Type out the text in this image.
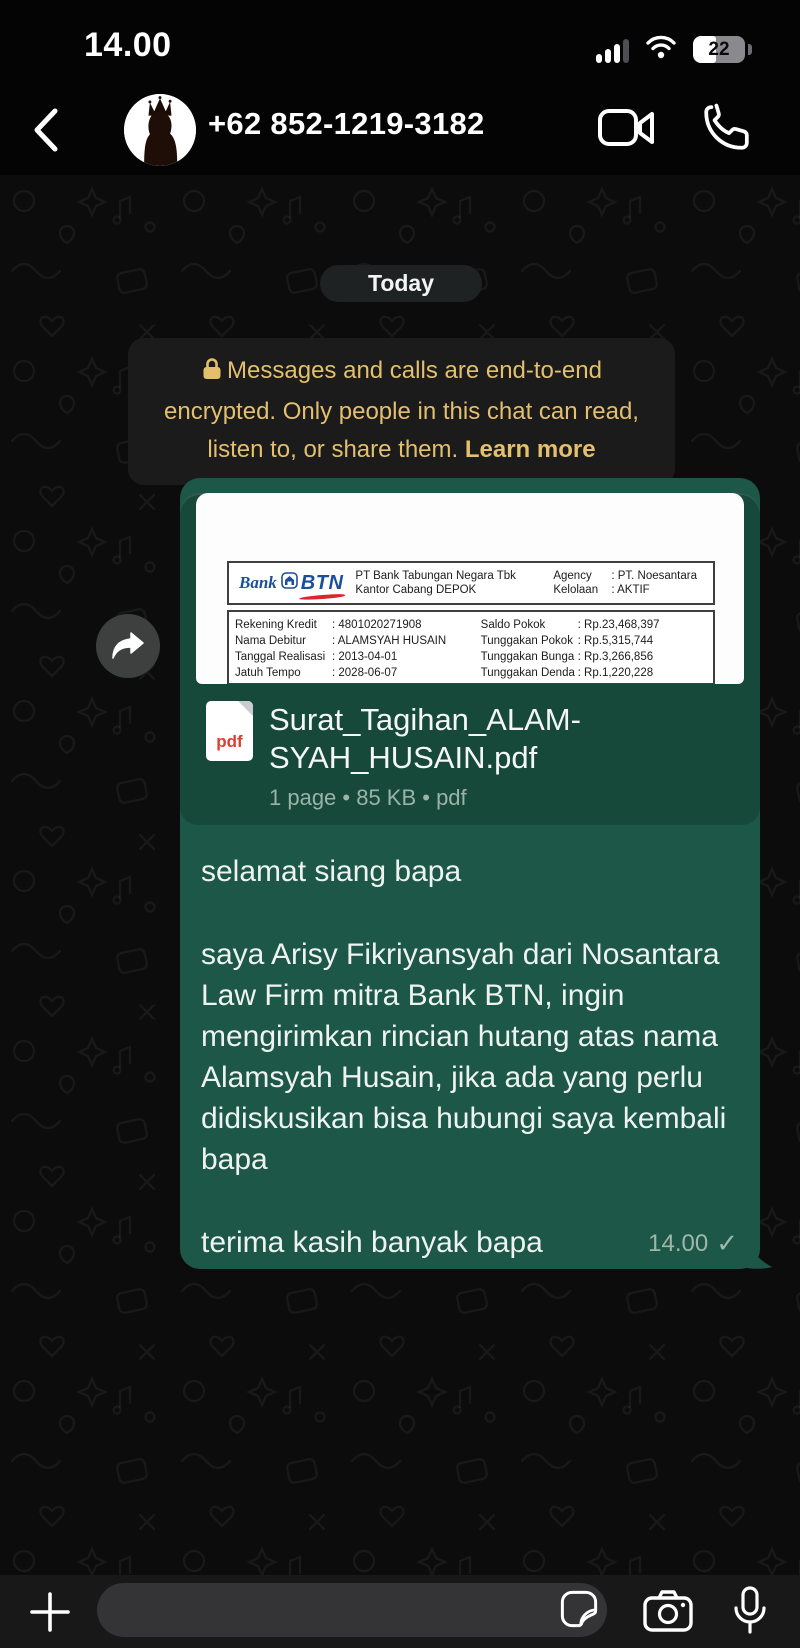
14.00	22
+62 852-1219-3182
Today
Messages and calls are end-to-end encrypted. Only people in this chat can read, listen to, or share them. Learn more
Bank BTN PT Bank Tabungan Negara Tbk
Kantor Cabang DEPOK
Agency	: PT. Noesantara
Kelolaan	: AKTIF
Rekening Kredit	: 4801020271908	Saldo Pokok	: Rp.23,468,397
Nama Debitur	: ALAMSYAH HUSAIN	Tunggakan Pokok : Rp.5,315,744
Tanggal Realisasi : 2013-04-01	Tunggakan Bunga : Rp.3,266,856
Jatuh Tempo	: 2028-06-07	Tunggakan Denda : Rp.1,220,228
pdf
Surat_Tagihan_ALAM-
SYAH_HUSAIN.pdf
1 page • 85 KB • pdf

selamat siang bapa

saya Arisy Fikriyansyah dari Nosantara Law Firm mitra Bank BTN, ingin mengirimkan rincian hutang atas nama Alamsyah Husain, jika ada yang perlu didiskusikan bisa hubungi saya kembali bapa

terima kasih banyak bapa	14.00 ✓
